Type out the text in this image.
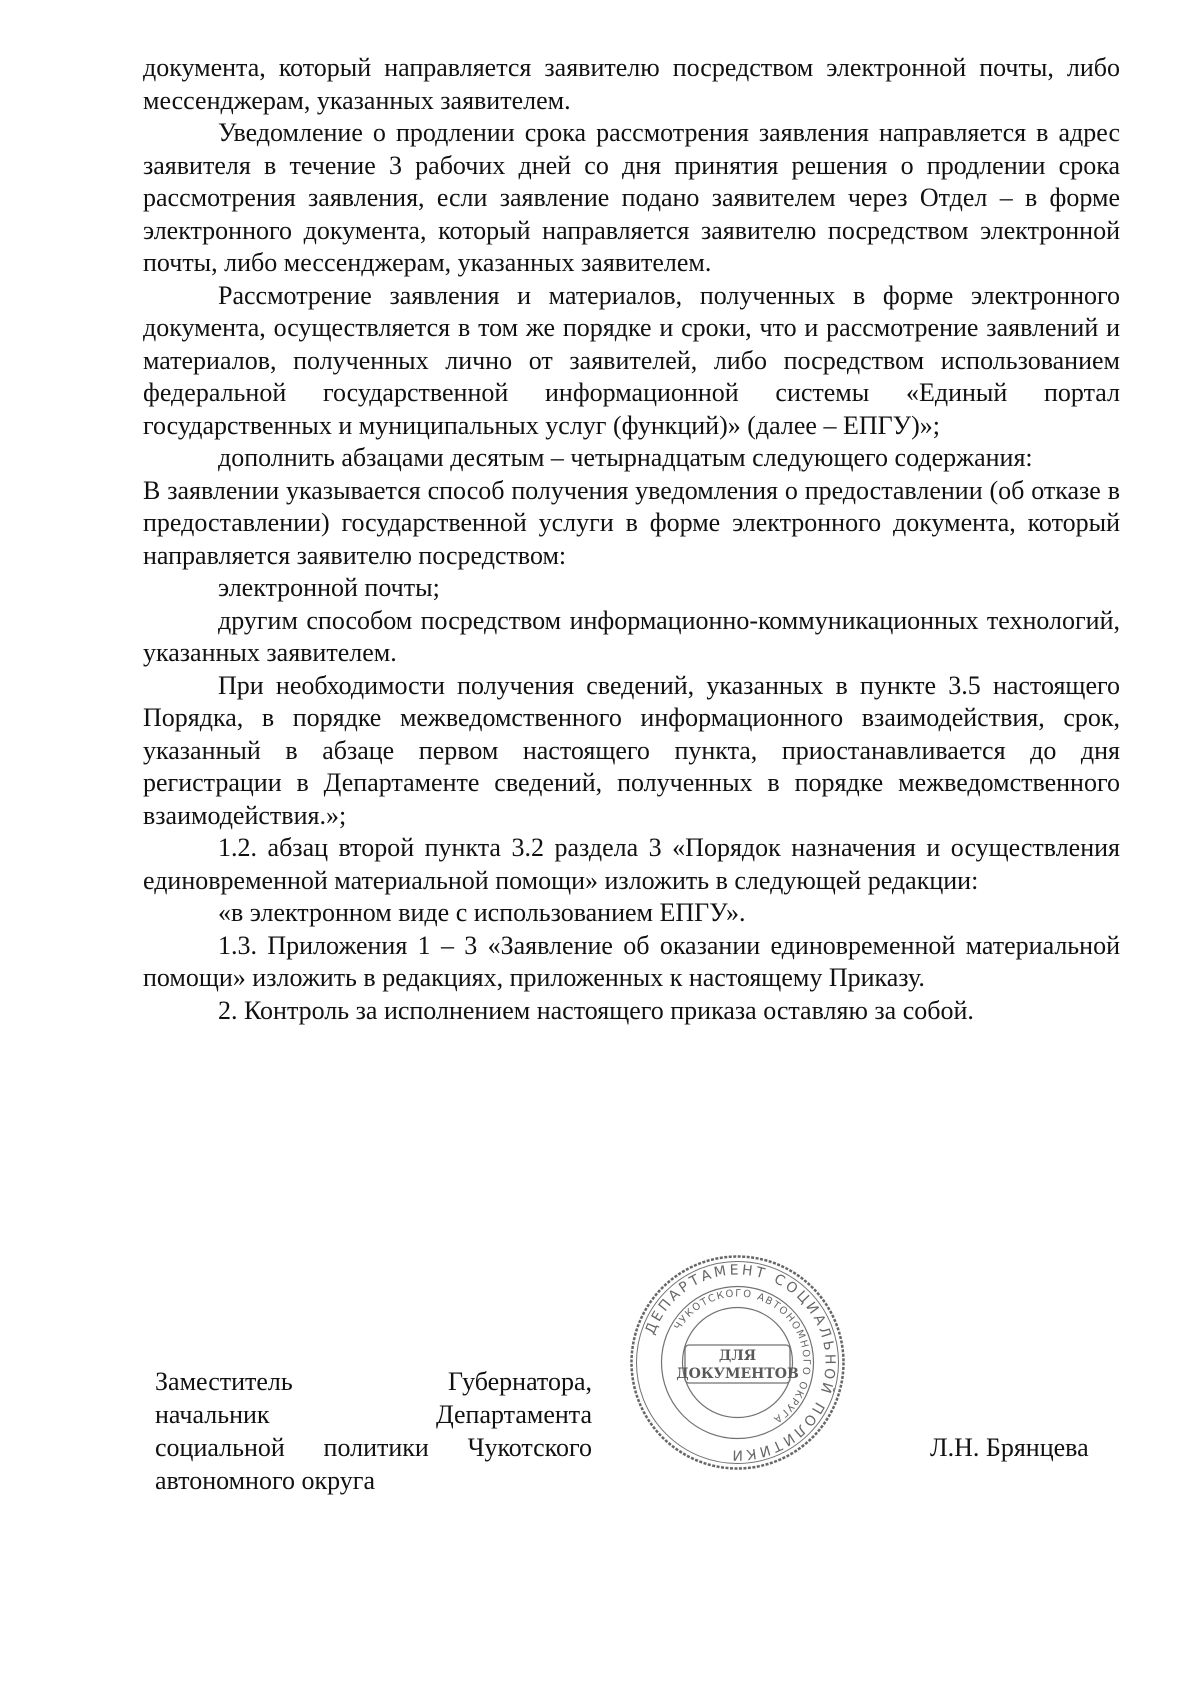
документа, который направляется заявителю посредством электронной почты, либо мессенджерам, указанных заявителем.

Уведомление о продлении срока рассмотрения заявления направляется в адрес заявителя в течение 3 рабочих дней со дня принятия решения о продлении срока рассмотрения заявления, если заявление подано заявителем через Отдел – в форме электронного документа, который направляется заявителю посредством электронной почты, либо мессенджерам, указанных заявителем.

Рассмотрение заявления и материалов, полученных в форме электронного документа, осуществляется в том же порядке и сроки, что и рассмотрение заявлений и материалов, полученных лично от заявителей, либо посредством использованием федеральной государственной информационной системы «Единый портал государственных и муниципальных услуг (функций)» (далее – ЕПГУ)»;

дополнить абзацами десятым – четырнадцатым следующего содержания:

В заявлении указывается способ получения уведомления о предоставлении (об отказе в предоставлении) государственной услуги в форме электронного документа, который направляется заявителю посредством:

электронной почты;

другим способом посредством информационно-коммуникационных технологий, указанных заявителем.

При необходимости получения сведений, указанных в пункте 3.5 настоящего Порядка, в порядке межведомственного информационного взаимодействия, срок, указанный в абзаце первом настоящего пункта, приостанавливается до дня регистрации в Департаменте сведений, полученных в порядке межведомственного взаимодействия.»;

1.2. абзац второй пункта 3.2 раздела 3 «Порядок назначения и осуществления единовременной материальной помощи» изложить в следующей редакции:

«в электронном виде с использованием ЕПГУ».

1.3. Приложения 1 – 3 «Заявление об оказании единовременной материальной помощи» изложить в редакциях, приложенных к настоящему Приказу.

2. Контроль за исполнением настоящего приказа оставляю за собой.

Заместитель	Губернатора,
начальник	Департамента
социальной политики Чукотского
автономного округа
Л.Н. Брянцева
ДЕПАРТАМЕНТ СОЦИАЛЬНОЙ ПОЛИТИКИ
ЧУКОТСКОГО АВТОНОМНОГО ОКРУГА
ДЛЯ
ДОКУМЕНТОВ
